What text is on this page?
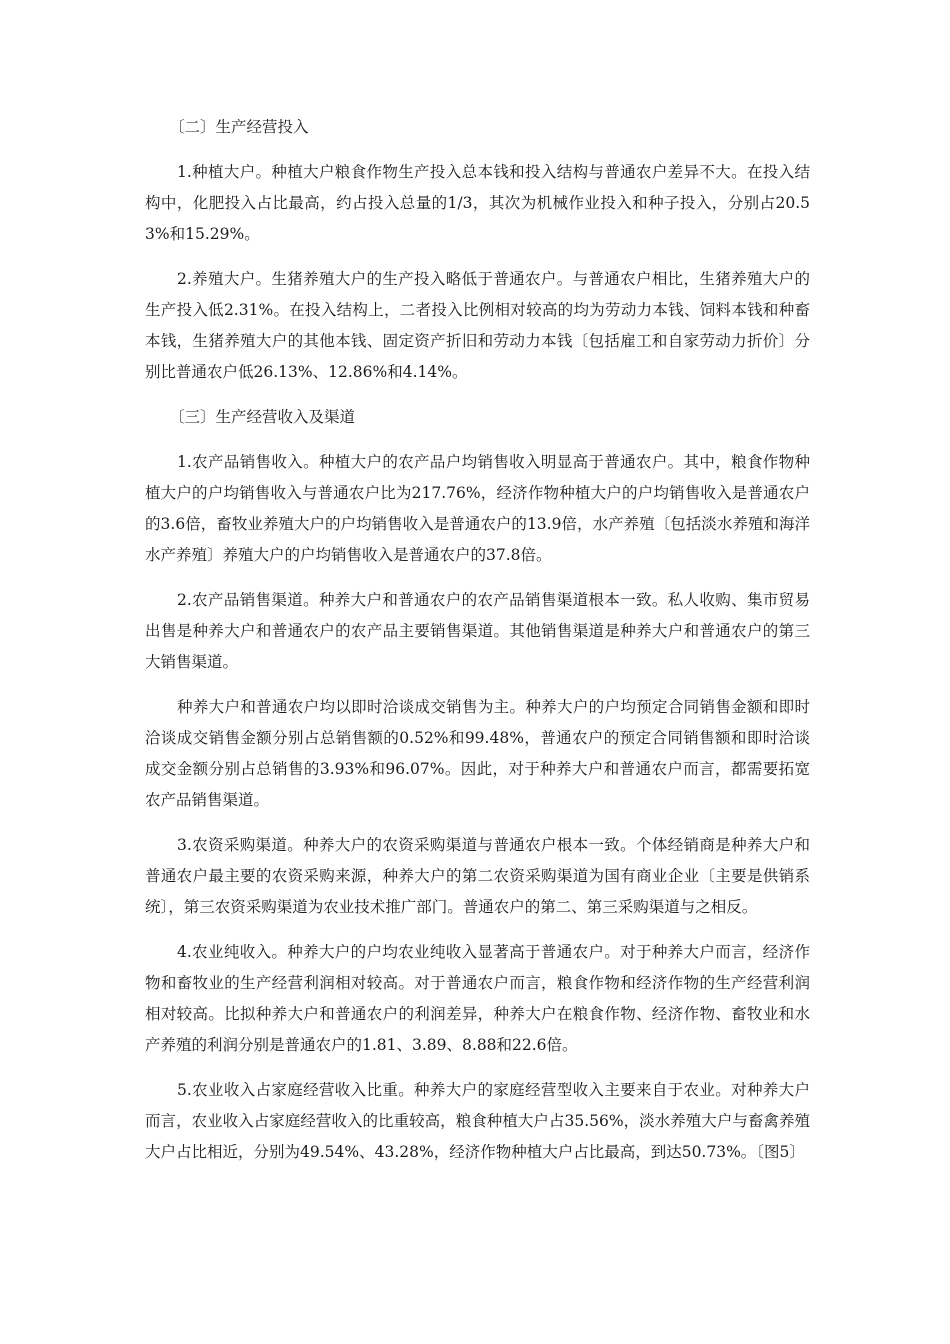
〔二〕生产经营投入

1.种植大户。种植大户粮食作物生产投入总本钱和投入结构与普通农户差异不大。在投入结构中，化肥投入占比最高，约占投入总量的1/3，其次为机械作业投入和种子投入，分别占20.53%和15.29%。

2.养殖大户。生猪养殖大户的生产投入略低于普通农户。与普通农户相比，生猪养殖大户的生产投入低2.31%。在投入结构上，二者投入比例相对较高的均为劳动力本钱、饲料本钱和种畜本钱，生猪养殖大户的其他本钱、固定资产折旧和劳动力本钱〔包括雇工和自家劳动力折价〕分别比普通农户低26.13%、12.86%和4.14%。

〔三〕生产经营收入及渠道

1.农产品销售收入。种植大户的农产品户均销售收入明显高于普通农户。其中，粮食作物种植大户的户均销售收入与普通农户比为217.76%，经济作物种植大户的户均销售收入是普通农户的3.6倍，畜牧业养殖大户的户均销售收入是普通农户的13.9倍，水产养殖〔包括淡水养殖和海洋水产养殖〕养殖大户的户均销售收入是普通农户的37.8倍。

2.农产品销售渠道。种养大户和普通农户的农产品销售渠道根本一致。私人收购、集市贸易出售是种养大户和普通农户的农产品主要销售渠道。其他销售渠道是种养大户和普通农户的第三大销售渠道。

种养大户和普通农户均以即时洽谈成交销售为主。种养大户的户均预定合同销售金额和即时洽谈成交销售金额分别占总销售额的0.52%和99.48%，普通农户的预定合同销售额和即时洽谈成交金额分别占总销售的3.93%和96.07%。因此，对于种养大户和普通农户而言，都需要拓宽农产品销售渠道。

3.农资采购渠道。种养大户的农资采购渠道与普通农户根本一致。个体经销商是种养大户和普通农户最主要的农资采购来源，种养大户的第二农资采购渠道为国有商业企业〔主要是供销系统〕，第三农资采购渠道为农业技术推广部门。普通农户的第二、第三采购渠道与之相反。

4.农业纯收入。种养大户的户均农业纯收入显著高于普通农户。对于种养大户而言，经济作物和畜牧业的生产经营利润相对较高。对于普通农户而言，粮食作物和经济作物的生产经营利润相对较高。比拟种养大户和普通农户的利润差异，种养大户在粮食作物、经济作物、畜牧业和水产养殖的利润分别是普通农户的1.81、3.89、8.88和22.6倍。

5.农业收入占家庭经营收入比重。种养大户的家庭经营型收入主要来自于农业。对种养大户而言，农业收入占家庭经营收入的比重较高，粮食种植大户占35.56%，淡水养殖大户与畜禽养殖大户占比相近，分别为49.54%、43.28%，经济作物种植大户占比最高，到达50.73%。〔图5〕
